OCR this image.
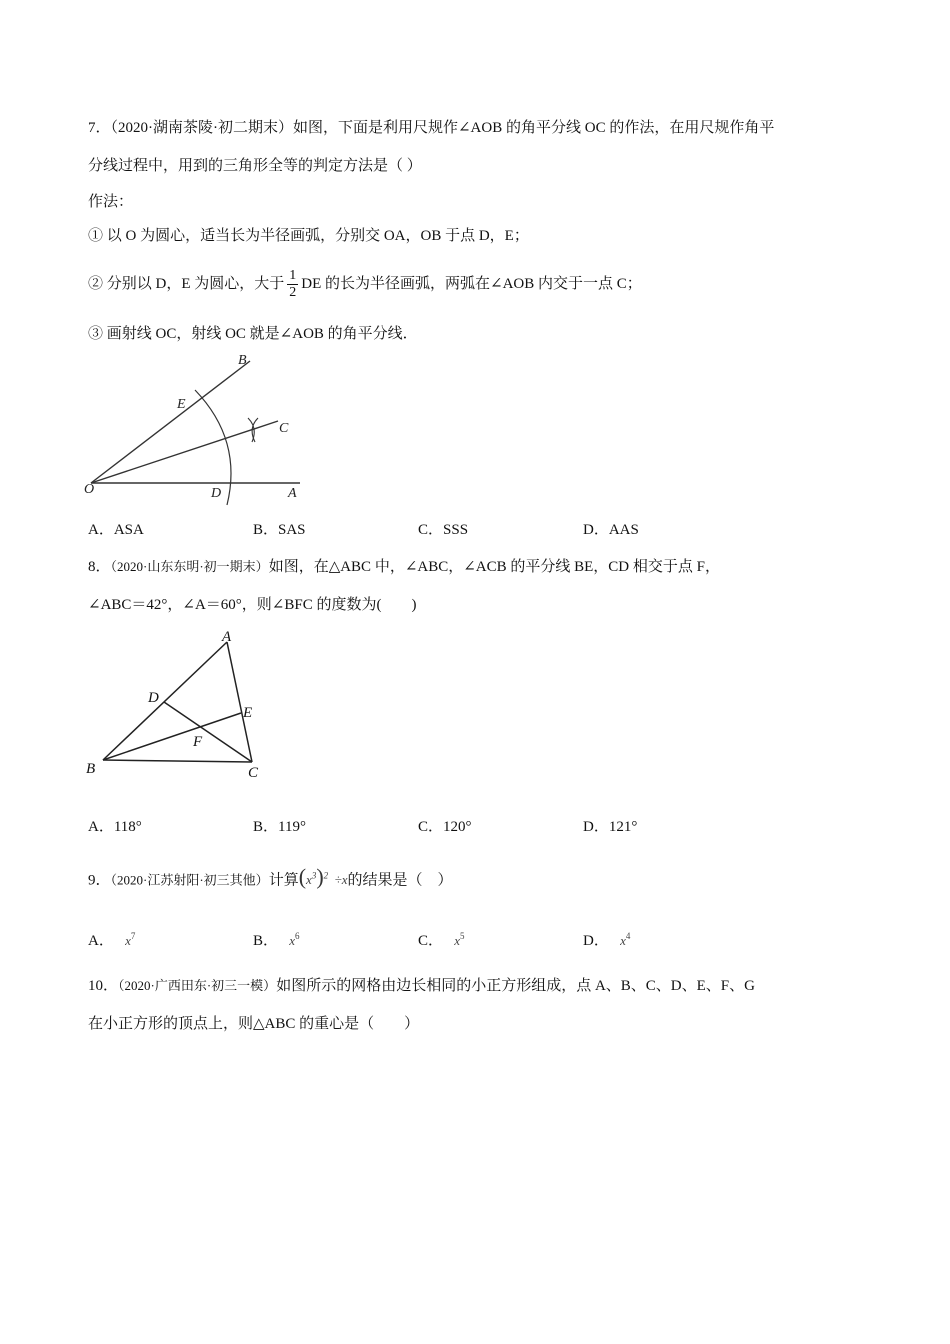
7．（2020·湖南茶陵·初二期末）如图，下面是利用尺规作∠AOB 的角平分线 OC 的作法，在用尺规作角平
分线过程中，用到的三角形全等的判定方法是（ ）
作法：
① 以 O 为圆心，适当长为半径画弧，分别交 OA，OB 于点 D，E；
② 分别以 D，E 为圆心，大于 $\frac{1}{2}$ DE 的长为半径画弧，两弧在∠AOB 内交于一点 C；
③ 画射线 OC，射线 OC 就是∠AOB 的角平分线．
B
E
C
O	D	A
A．ASA	B．SAS	C．SSS	D．AAS
8．（2020·山东东明·初一期末）如图，在△ABC 中，∠ABC，∠ACB 的平分线 BE，CD 相交于点 F，
∠ABC＝42°，∠A＝60°，则∠BFC 的度数为(　　)
A
D
E
F
B	C
A．118°	B．119°	C．120°	D．121°
9．（2020·江苏射阳·初三其他）计算$(x^3)^2 \div x$的结果是（　）
A． $x^7$	B． $x^6$	C． $x^5$	D． $x^4$
10．（2020·广西田东·初三一模）如图所示的网格由边长相同的小正方形组成，点 A、B、C、D、E、F、G
在小正方形的顶点上，则△ABC 的重心是（　　）
